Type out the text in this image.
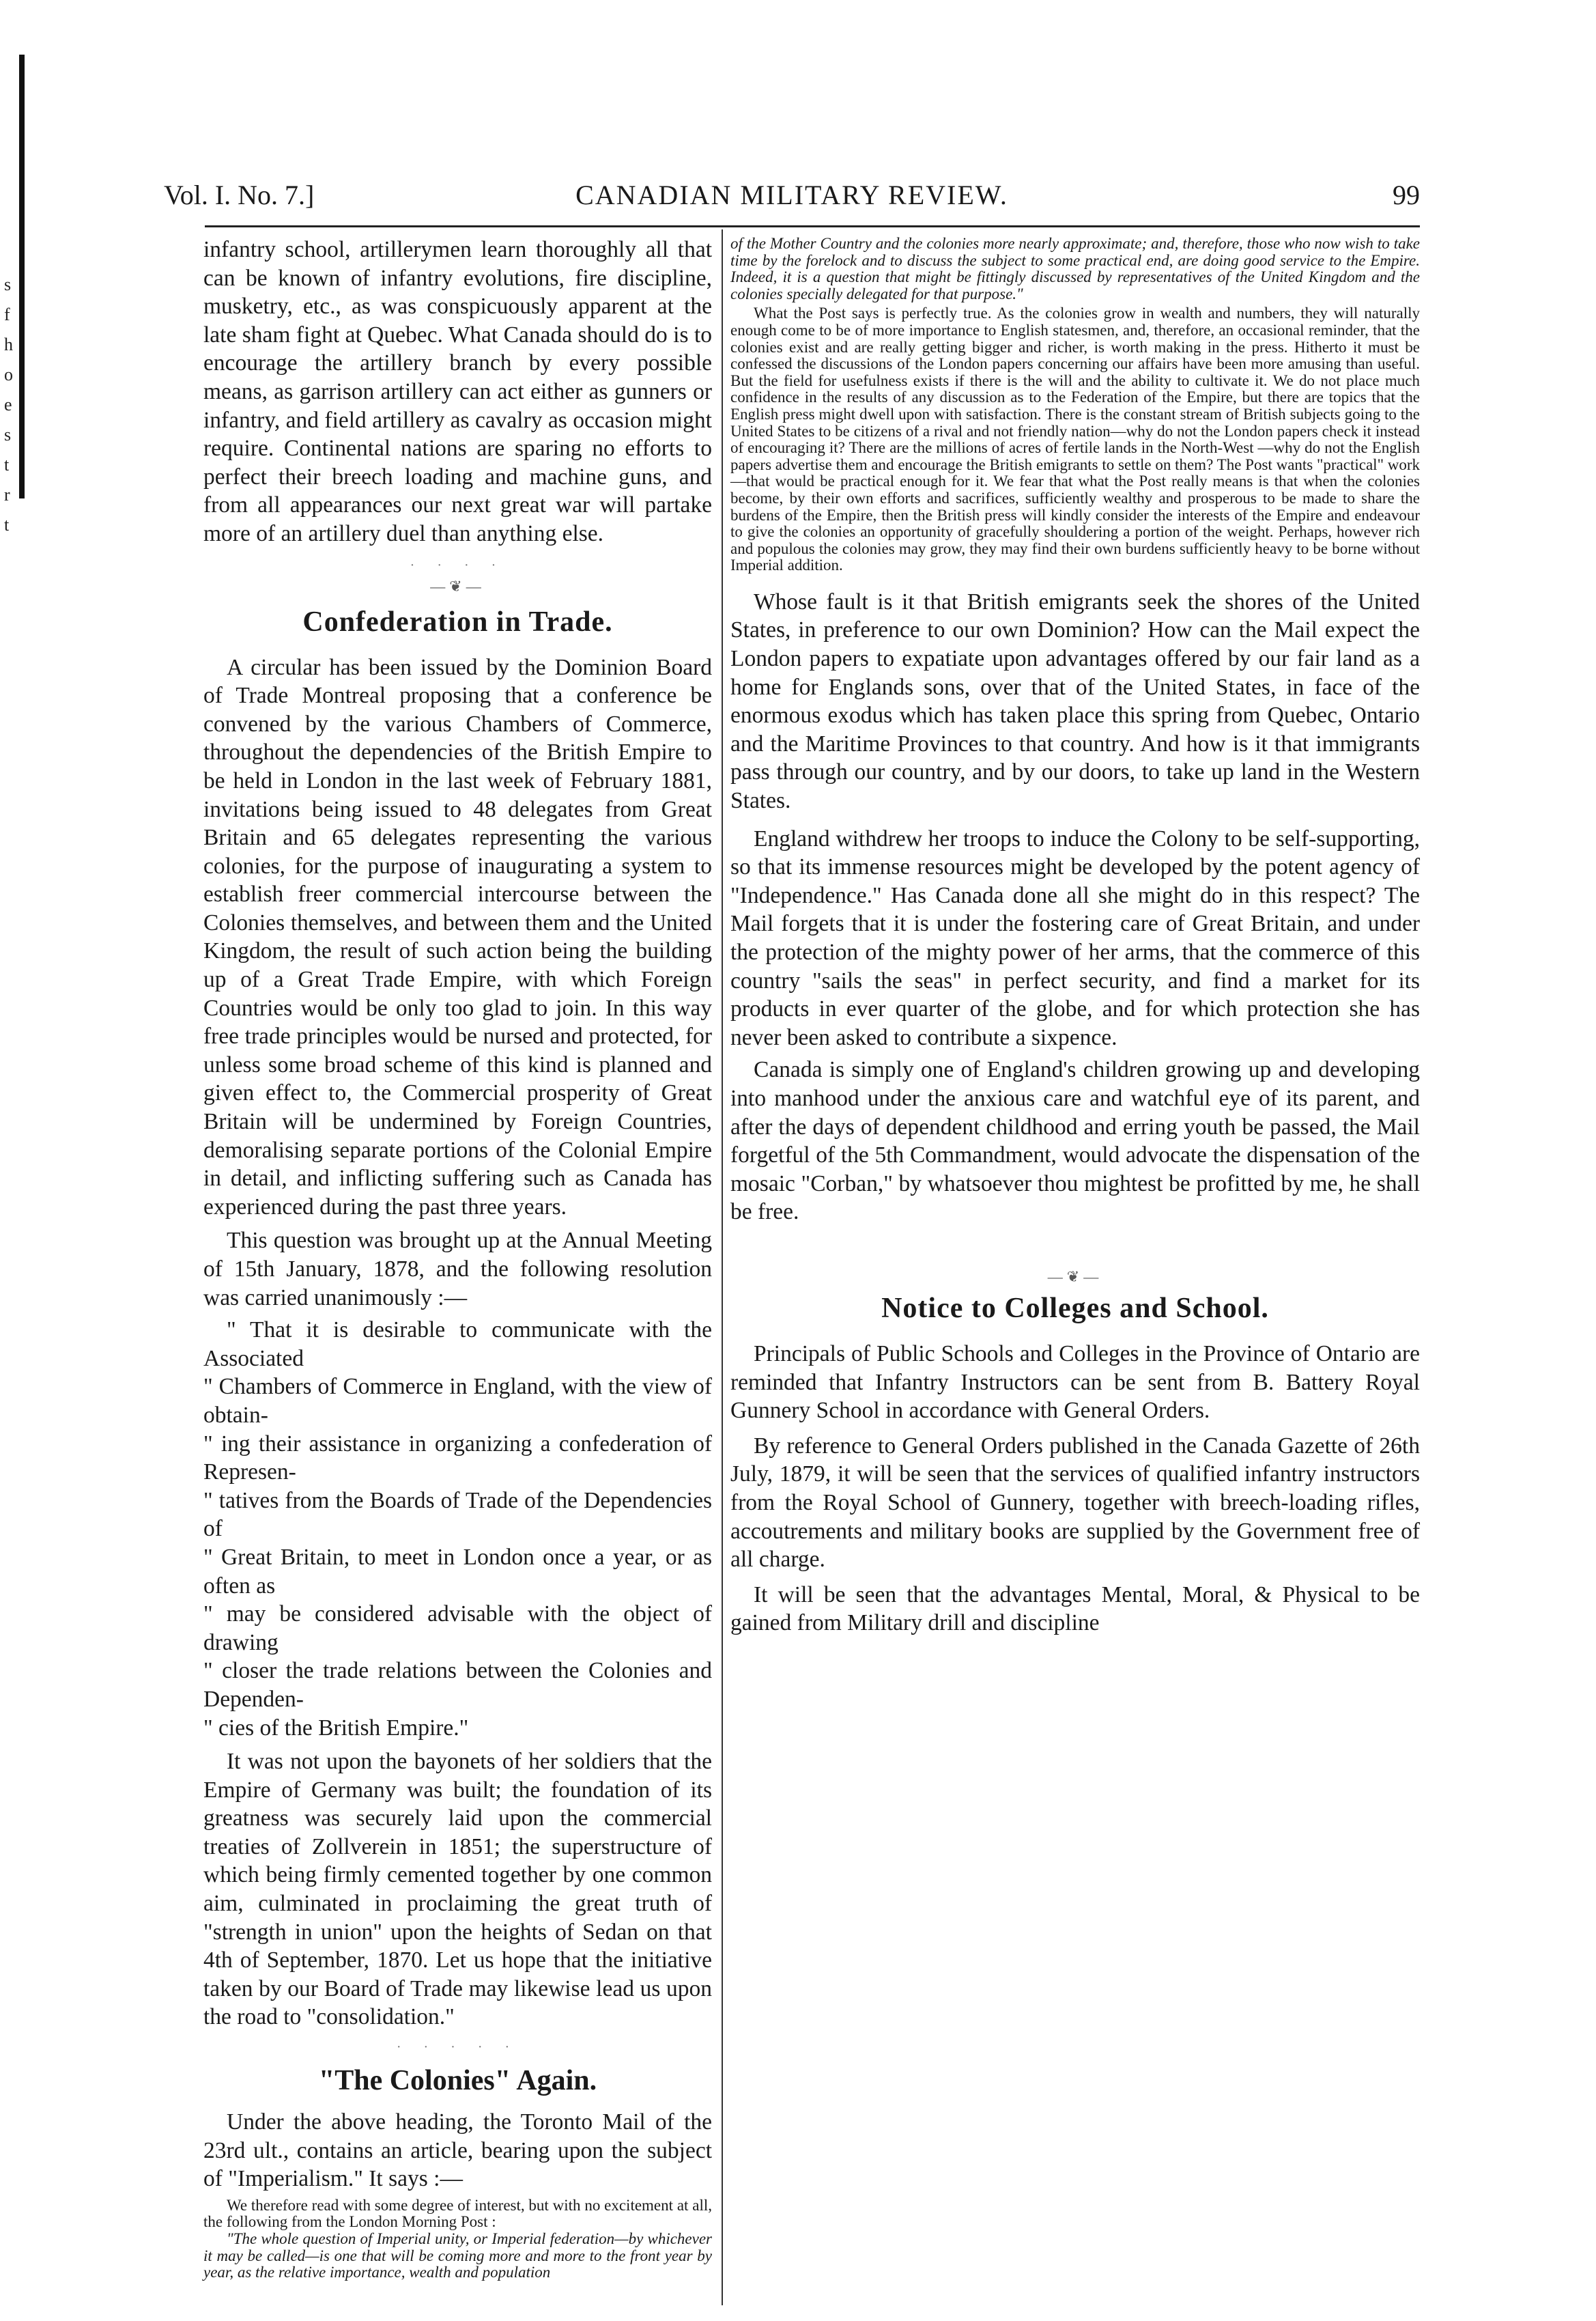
s
f
h
o
e
s
t
r
t
Vol. I. No. 7.]	CANADIAN MILITARY REVIEW.	99

infantry school, artillerymen learn thoroughly all that can be known of infantry evolutions, fire discipline, musketry, etc., as was conspicuously apparent at the late sham fight at Quebec. What Canada should do is to encourage the artillery branch by every possible means, as garrison artillery can act either as gunners or infantry, and field artillery as cavalry as occasion might require. Continental nations are sparing no efforts to perfect their breech loading and machine guns, and from all appearances our next great war will partake more of an artillery duel than anything else.

· · · ·
—❦—
Confederation in Trade.

A circular has been issued by the Dominion Board of Trade Montreal proposing that a conference be convened by the various Chambers of Commerce, throughout the dependencies of the British Empire to be held in London in the last week of February 1881, invitations being issued to 48 delegates from Great Britain and 65 delegates representing the various colonies, for the purpose of inaugurating a system to establish freer commercial intercourse between the Colonies themselves, and between them and the United Kingdom, the result of such action being the building up of a Great Trade Empire, with which Foreign Countries would be only too glad to join. In this way free trade principles would be nursed and protected, for unless some broad scheme of this kind is planned and given effect to, the Commercial prosperity of Great Britain will be undermined by Foreign Countries, demoralising separate portions of the Colonial Empire in detail, and inflicting suffering such as Canada has experienced during the past three years.

This question was brought up at the Annual Meeting of 15th January, 1878, and the following resolution was carried unanimously :—

" That it is desirable to communicate with the Associated

" Chambers of Commerce in England, with the view of obtain-

" ing their assistance in organizing a confederation of Represen-

" tatives from the Boards of Trade of the Dependencies of

" Great Britain, to meet in London once a year, or as often as

" may be considered advisable with the object of drawing

" closer the trade relations between the Colonies and Dependen-

" cies of the British Empire."

It was not upon the bayonets of her soldiers that the Empire of Germany was built; the foundation of its greatness was securely laid upon the commercial treaties of Zollverein in 1851; the superstructure of which being firmly cemented together by one common aim, culminated in proclaiming the great truth of "strength in union" upon the heights of Sedan on that 4th of September, 1870. Let us hope that the initiative taken by our Board of Trade may likewise lead us upon the road to "consolidation."

· · · · ·
"The Colonies" Again.

Under the above heading, the Toronto Mail of the 23rd ult., contains an article, bearing upon the subject of "Imperialism." It says :—

We therefore read with some degree of interest, but with no excitement at all, the following from the London Morning Post :

"The whole question of Imperial unity, or Imperial federation—by whichever it may be called—is one that will be coming more and more to the front year by year, as the relative importance, wealth and population

of the Mother Country and the colonies more nearly approximate; and, therefore, those who now wish to take time by the forelock and to discuss the subject to some practical end, are doing good service to the Empire. Indeed, it is a question that might be fittingly discussed by representatives of the United Kingdom and the colonies specially delegated for that purpose."

What the Post says is perfectly true. As the colonies grow in wealth and numbers, they will naturally enough come to be of more importance to English statesmen, and, therefore, an occasional reminder, that the colonies exist and are really getting bigger and richer, is worth making in the press. Hitherto it must be confessed the discussions of the London papers concerning our affairs have been more amusing than useful. But the field for usefulness exists if there is the will and the ability to cultivate it. We do not place much confidence in the results of any discussion as to the Federation of the Empire, but there are topics that the English press might dwell upon with satisfaction. There is the constant stream of British subjects going to the United States to be citizens of a rival and not friendly nation—why do not the London papers check it instead of encouraging it? There are the millions of acres of fertile lands in the North-West —why do not the English papers advertise them and encourage the British emigrants to settle on them? The Post wants "practical" work—that would be practical enough for it. We fear that what the Post really means is that when the colonies become, by their own efforts and sacrifices, sufficiently wealthy and prosperous to be made to share the burdens of the Empire, then the British press will kindly consider the interests of the Empire and endeavour to give the colonies an opportunity of gracefully shouldering a portion of the weight. Perhaps, however rich and populous the colonies may grow, they may find their own burdens sufficiently heavy to be borne without Imperial addition.

Whose fault is it that British emigrants seek the shores of the United States, in preference to our own Dominion? How can the Mail expect the London papers to expatiate upon advantages offered by our fair land as a home for Englands sons, over that of the United States, in face of the enormous exodus which has taken place this spring from Quebec, Ontario and the Maritime Provinces to that country. And how is it that immigrants pass through our country, and by our doors, to take up land in the Western States.

England withdrew her troops to induce the Colony to be self-supporting, so that its immense resources might be developed by the potent agency of "Independence." Has Canada done all she might do in this respect? The Mail forgets that it is under the fostering care of Great Britain, and under the protection of the mighty power of her arms, that the commerce of this country "sails the seas" in perfect security, and find a market for its products in ever quarter of the globe, and for which protection she has never been asked to contribute a sixpence.

Canada is simply one of England's children growing up and developing into manhood under the anxious care and watchful eye of its parent, and after the days of dependent childhood and erring youth be passed, the Mail forgetful of the 5th Commandment, would advocate the dispensation of the mosaic "Corban," by whatsoever thou mightest be profitted by me, he shall be free.

—❦—
Notice to Colleges and School.

Principals of Public Schools and Colleges in the Province of Ontario are reminded that Infantry Instructors can be sent from B. Battery Royal Gunnery School in accordance with General Orders.

By reference to General Orders published in the Canada Gazette of 26th July, 1879, it will be seen that the services of qualified infantry instructors from the Royal School of Gunnery, together with breech-loading rifles, accoutrements and military books are supplied by the Government free of all charge.

It will be seen that the advantages Mental, Moral, & Physical to be gained from Military drill and discipline
